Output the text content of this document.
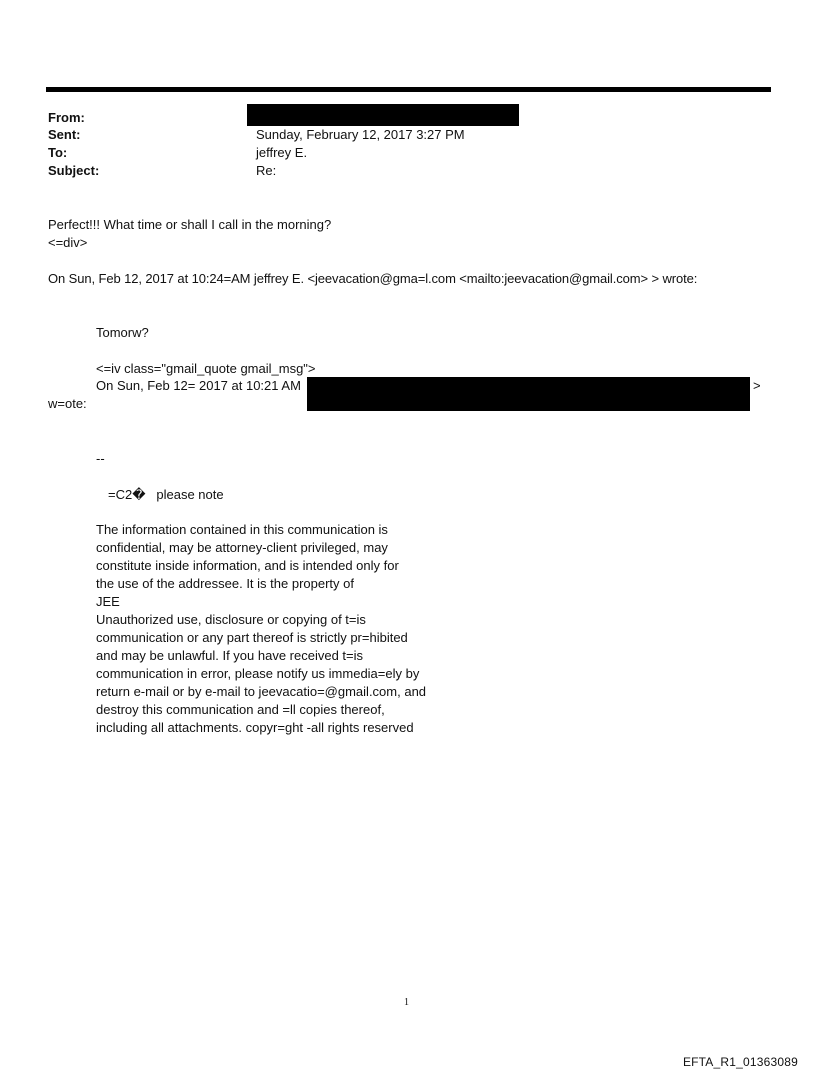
From:
Sent:	Sunday, February 12, 2017 3:27 PM
To:	jeffrey E.
Subject:	Re:
Perfect!!! What time or shall I call in the morning?
<=div>
On Sun, Feb 12, 2017 at 10:24=AM jeffrey E. <jeevacation@gma=l.com <mailto:jeevacation@gmail.com> > wrote:
Tomorw?
<=iv class="gmail_quote gmail_msg">
On Sun, Feb 12= 2017 at 10:21 AM	>
w=ote:
--
=C2�   please note
The information contained in this communication is
confidential, may be attorney-client privileged, may
constitute inside information, and is intended only for
the use of the addressee. It is the property of
JEE
Unauthorized use, disclosure or copying of t=is
communication or any part thereof is strictly pr=hibited
and may be unlawful. If you have received t=is
communication in error, please notify us immedia=ely by
return e-mail or by e-mail to jeevacatio=@gmail.com, and
destroy this communication and =ll copies thereof,
including all attachments. copyr=ght -all rights reserved
1
EFTA_R1_01363089
